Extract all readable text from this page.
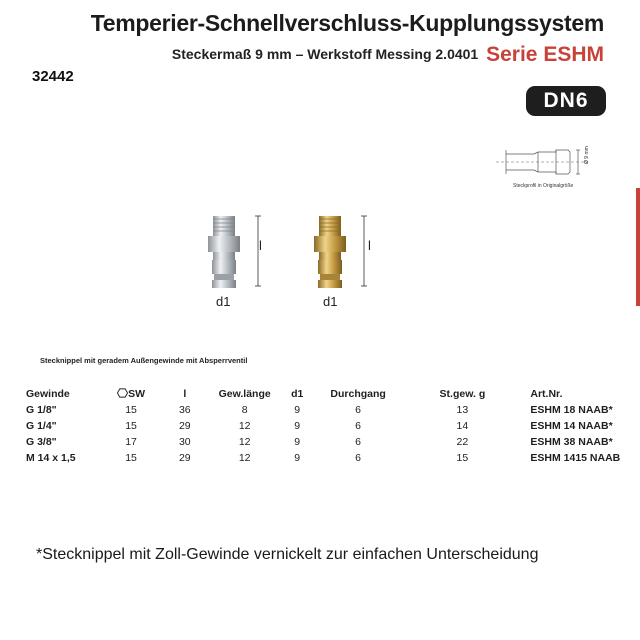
Temperier-Schnellverschluss-Kupplungssystem
Steckermaß 9 mm – Werkstoff Messing 2.0401 Serie ESHM
32442
DN6
Ø 9 mm
Steckprofil in Originalgröße
l
d1
l
d1
Stecknippel mit geradem Außengewinde mit Absperrventil
Gewinde	SW	l	Gew.länge	d1	Durchgang	St.gew. g	Art.Nr.
G 1/8"	15	36	8	9	6	13	ESHM 18 NAAB*
G 1/4"	15	29	12	9	6	14	ESHM 14 NAAB*
G 3/8"	17	30	12	9	6	22	ESHM 38 NAAB*
M 14 x 1,5	15	29	12	9	6	15	ESHM 1415 NAAB
*Stecknippel mit Zoll-Gewinde vernickelt zur einfachen Unterscheidung
